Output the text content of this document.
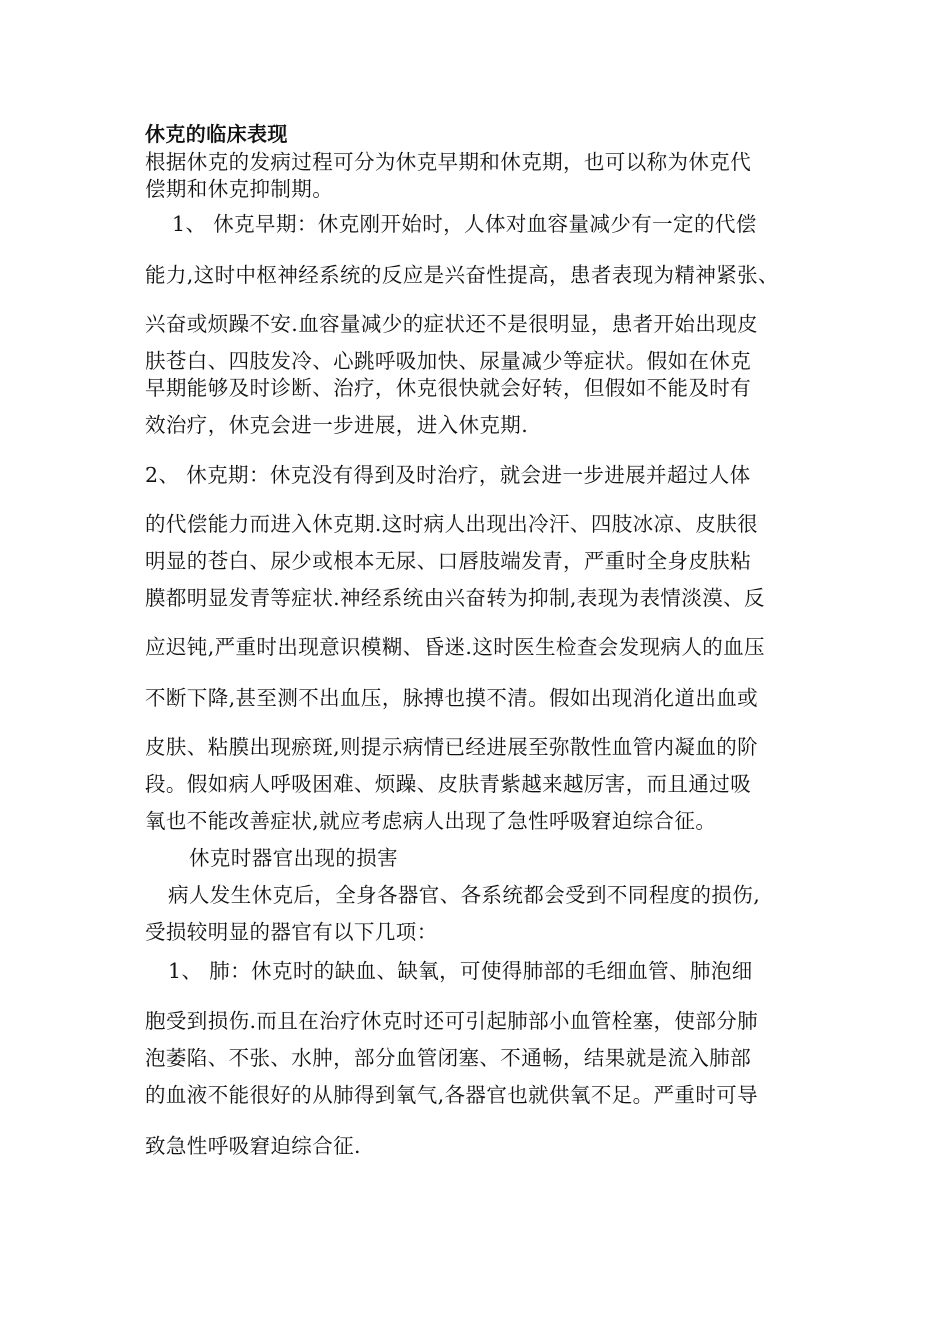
休克的临床表现
根据休克的发病过程可分为休克早期和休克期，也可以称为休克代
偿期和休克抑制期。
1、 休克早期：休克刚开始时，人体对血容量减少有一定的代偿
能力,这时中枢神经系统的反应是兴奋性提高，患者表现为精神紧张、
兴奋或烦躁不安.血容量减少的症状还不是很明显，患者开始出现皮
肤苍白、四肢发冷、心跳呼吸加快、尿量减少等症状。假如在休克
早期能够及时诊断、治疗，休克很快就会好转，但假如不能及时有
效治疗，休克会进一步进展，进入休克期.
2、 休克期：休克没有得到及时治疗，就会进一步进展并超过人体
的代偿能力而进入休克期.这时病人出现出冷汗、四肢冰凉、皮肤很
明显的苍白、尿少或根本无尿、口唇肢端发青，严重时全身皮肤粘
膜都明显发青等症状.神经系统由兴奋转为抑制,表现为表情淡漠、反
应迟钝,严重时出现意识模糊、昏迷.这时医生检查会发现病人的血压
不断下降,甚至测不出血压，脉搏也摸不清。假如出现消化道出血或
皮肤、粘膜出现瘀斑,则提示病情已经进展至弥散性血管内凝血的阶
段。假如病人呼吸困难、烦躁、皮肤青紫越来越厉害，而且通过吸
氧也不能改善症状,就应考虑病人出现了急性呼吸窘迫综合征。
休克时器官出现的损害
病人发生休克后，全身各器官、各系统都会受到不同程度的损伤,
受损较明显的器官有以下几项：
1、 肺：休克时的缺血、缺氧，可使得肺部的毛细血管、肺泡细
胞受到损伤.而且在治疗休克时还可引起肺部小血管栓塞，使部分肺
泡萎陷、不张、水肿，部分血管闭塞、不通畅，结果就是流入肺部
的血液不能很好的从肺得到氧气,各器官也就供氧不足。严重时可导
致急性呼吸窘迫综合征.
